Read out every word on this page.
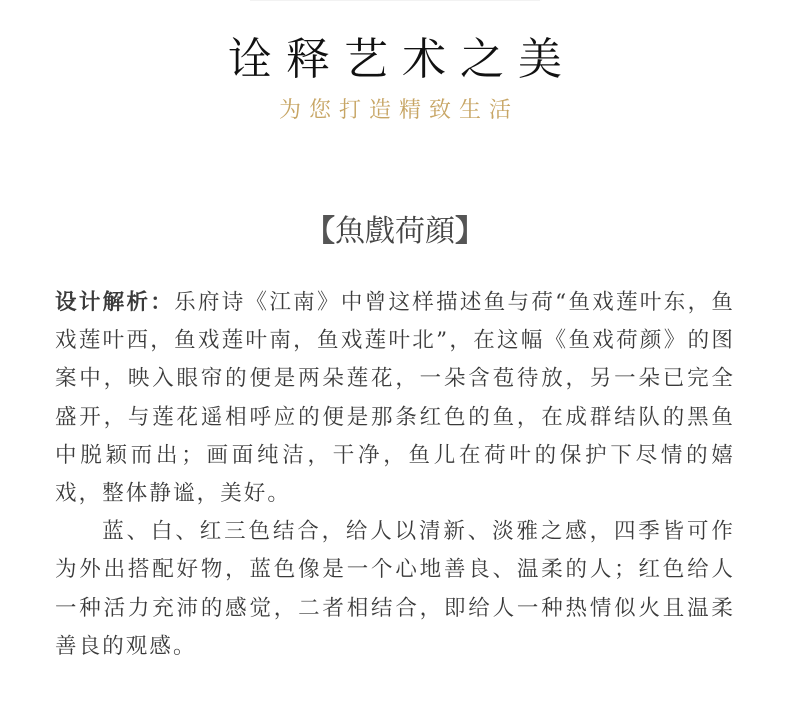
诠释艺术之美
为您打造精致生活
【魚戲荷顔】

设计解析：乐府诗《江南》中曾这样描述鱼与荷“鱼戏莲叶东，鱼戏莲叶西，鱼戏莲叶南，鱼戏莲叶北”，在这幅《鱼戏荷颜》的图案中，映入眼帘的便是两朵莲花，一朵含苞待放，另一朵已完全盛开，与莲花遥相呼应的便是那条红色的鱼，在成群结队的黑鱼中脱颖而出；画面纯洁，干净，鱼儿在荷叶的保护下尽情的嬉戏，整体静谧，美好。

蓝、白、红三色结合，给人以清新、淡雅之感，四季皆可作为外出搭配好物，蓝色像是一个心地善良、温柔的人；红色给人一种活力充沛的感觉，二者相结合，即给人一种热情似火且温柔善良的观感。
